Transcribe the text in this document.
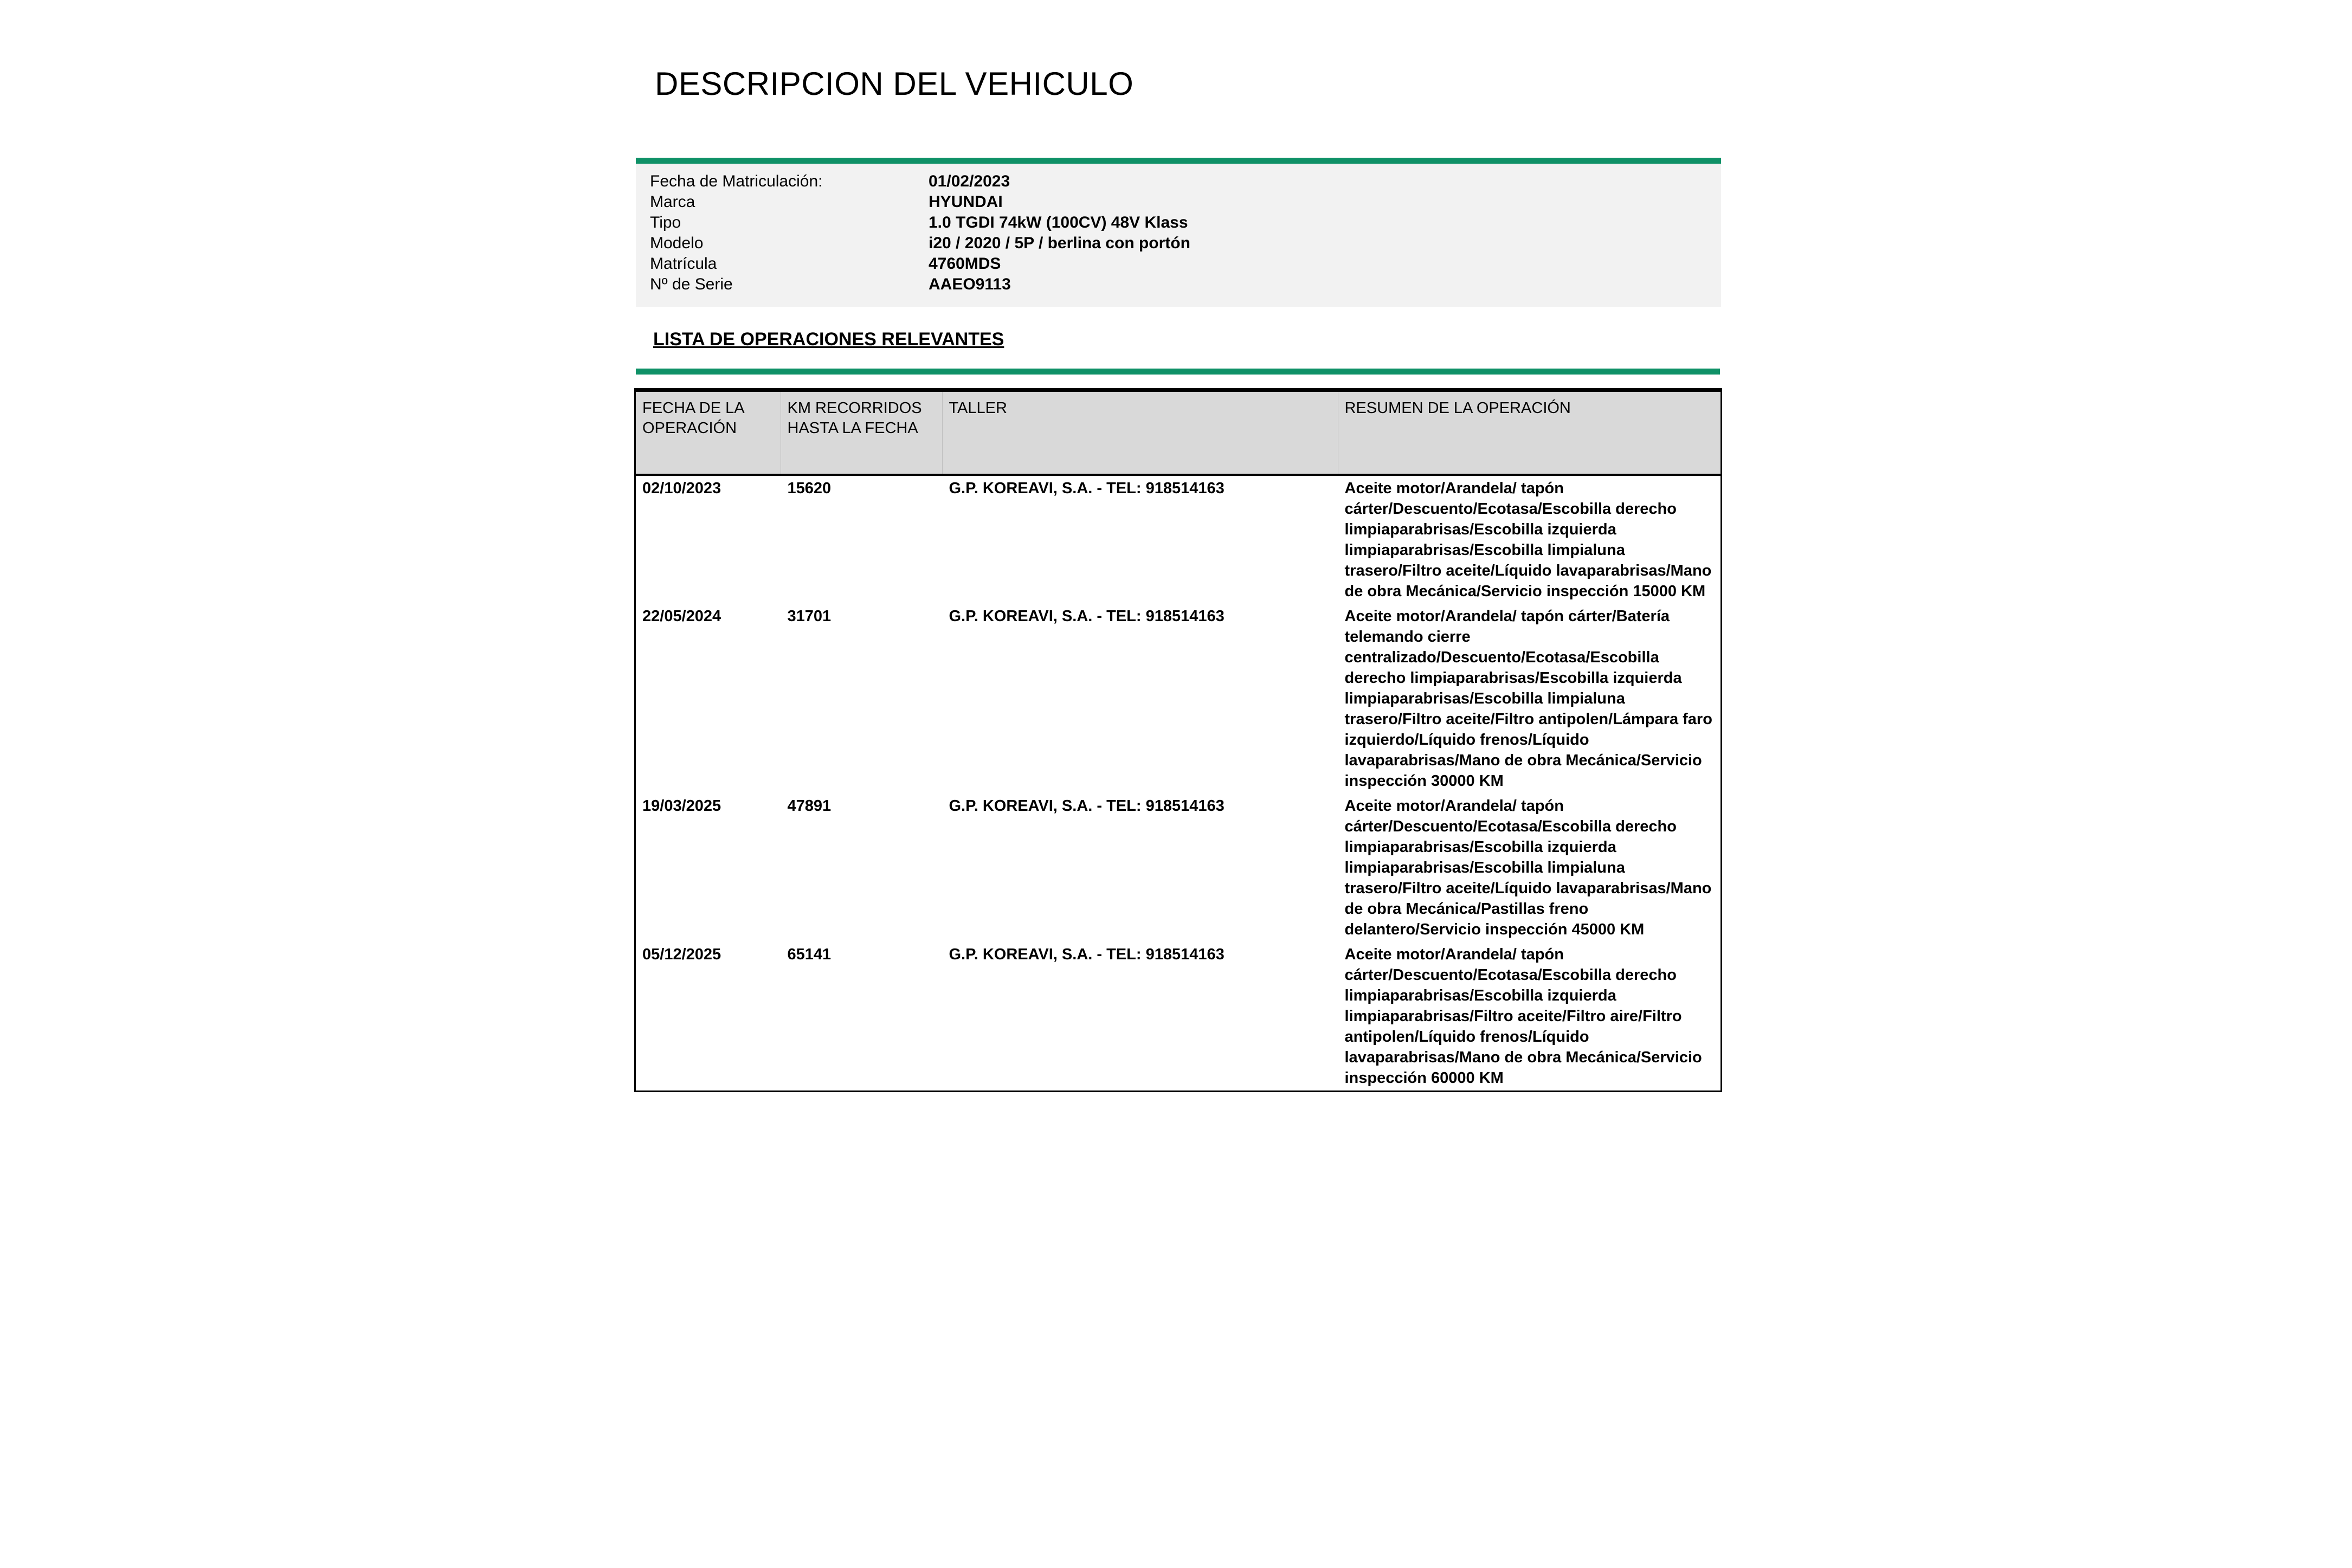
DESCRIPCION DEL VEHICULO
Fecha de Matriculación:	01/02/2023
Marca	HYUNDAI
Tipo	1.0 TGDI 74kW (100CV) 48V Klass
Modelo	i20 / 2020 / 5P / berlina con portón
Matrícula	4760MDS
Nº de Serie	AAEO9113
LISTA DE OPERACIONES RELEVANTES
FECHA DE LA OPERACIÓN	KM RECORRIDOS HASTA LA FECHA	TALLER	RESUMEN DE LA OPERACIÓN
02/10/2023	15620	G.P. KOREAVI, S.A. - TEL: 918514163	Aceite motor/Arandela/ tapón cárter/Descuento/Ecotasa/Escobilla derecho limpiaparabrisas/Escobilla izquierda limpiaparabrisas/Escobilla limpialuna trasero/Filtro aceite/Líquido lavaparabrisas/Mano de obra Mecánica/Servicio inspección 15000 KM
22/05/2024	31701	G.P. KOREAVI, S.A. - TEL: 918514163	Aceite motor/Arandela/ tapón cárter/Batería telemando cierre centralizado/Descuento/Ecotasa/Escobilla derecho limpiaparabrisas/Escobilla izquierda limpiaparabrisas/Escobilla limpialuna trasero/Filtro aceite/Filtro antipolen/Lámpara faro izquierdo/Líquido frenos/Líquido lavaparabrisas/Mano de obra Mecánica/Servicio inspección 30000 KM
19/03/2025	47891	G.P. KOREAVI, S.A. - TEL: 918514163	Aceite motor/Arandela/ tapón cárter/Descuento/Ecotasa/Escobilla derecho limpiaparabrisas/Escobilla izquierda limpiaparabrisas/Escobilla limpialuna trasero/Filtro aceite/Líquido lavaparabrisas/Mano de obra Mecánica/Pastillas freno delantero/Servicio inspección 45000 KM
05/12/2025	65141	G.P. KOREAVI, S.A. - TEL: 918514163	Aceite motor/Arandela/ tapón cárter/Descuento/Ecotasa/Escobilla derecho limpiaparabrisas/Escobilla izquierda limpiaparabrisas/Filtro aceite/Filtro aire/Filtro antipolen/Líquido frenos/Líquido lavaparabrisas/Mano de obra Mecánica/Servicio inspección 60000 KM
